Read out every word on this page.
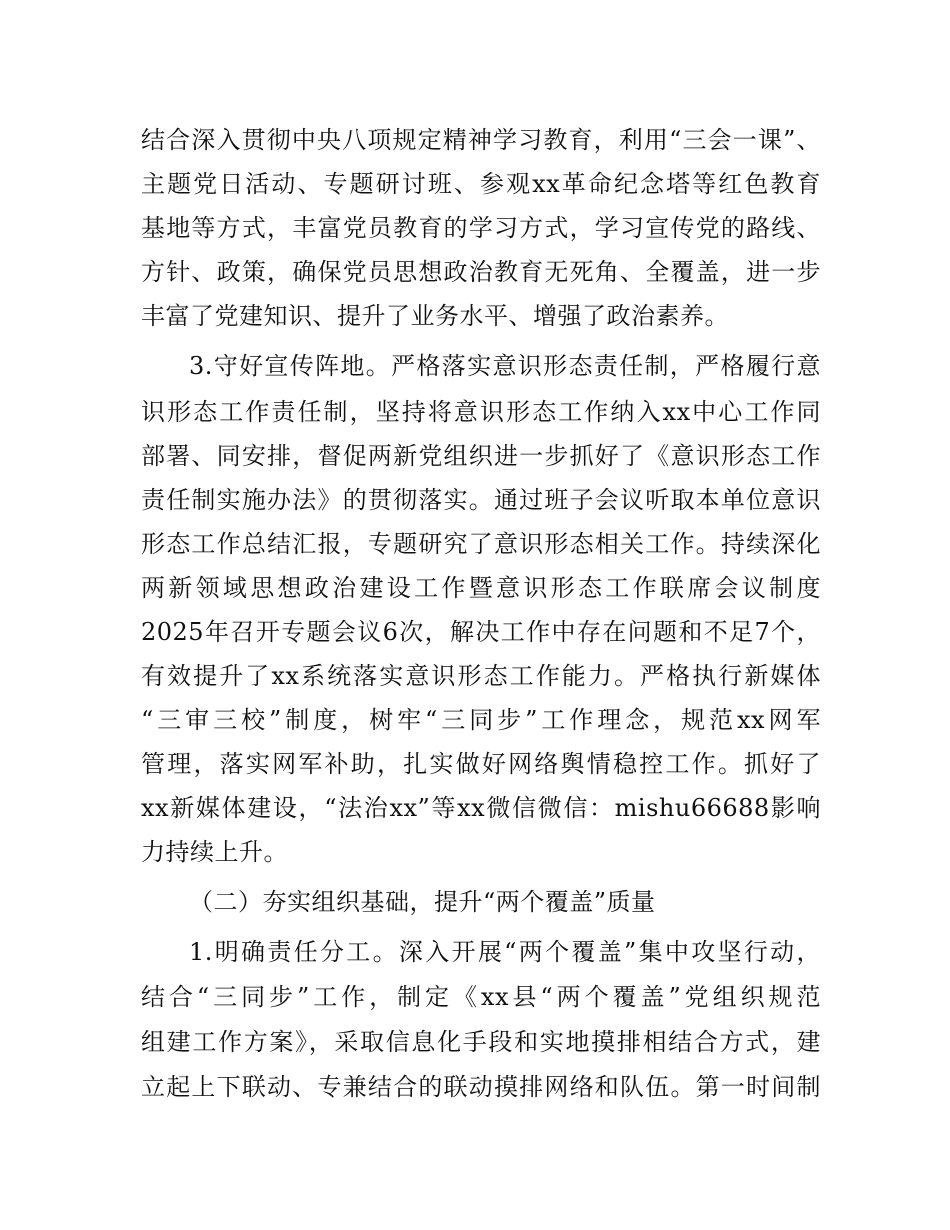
结合深入贯彻中央八项规定精神学习教育，利用“三会一课”、
主题党日活动、专题研讨班、参观xx革命纪念塔等红色教育
基地等方式，丰富党员教育的学习方式，学习宣传党的路线、
方针、政策，确保党员思想政治教育无死角、全覆盖，进一步
丰富了党建知识、提升了业务水平、增强了政治素养。
3.守好宣传阵地。严格落实意识形态责任制，严格履行意
识形态工作责任制，坚持将意识形态工作纳入xx中心工作同
部署、同安排，督促两新党组织进一步抓好了《意识形态工作
责任制实施办法》的贯彻落实。通过班子会议听取本单位意识
形态工作总结汇报，专题研究了意识形态相关工作。持续深化
两新领域思想政治建设工作暨意识形态工作联席会议制度
2025年召开专题会议6次，解决工作中存在问题和不足7个，
有效提升了xx系统落实意识形态工作能力。严格执行新媒体
“三审三校”制度，树牢“三同步”工作理念，规范xx网军
管理，落实网军补助，扎实做好网络舆情稳控工作。抓好了
xx新媒体建设，“法治xx”等xx微信微信：mishu66688影响
力持续上升。
（二）夯实组织基础，提升“两个覆盖”质量
1.明确责任分工。深入开展“两个覆盖”集中攻坚行动，
结合“三同步”工作，制定《xx县“两个覆盖”党组织规范
组建工作方案》，采取信息化手段和实地摸排相结合方式，建
立起上下联动、专兼结合的联动摸排网络和队伍。第一时间制
